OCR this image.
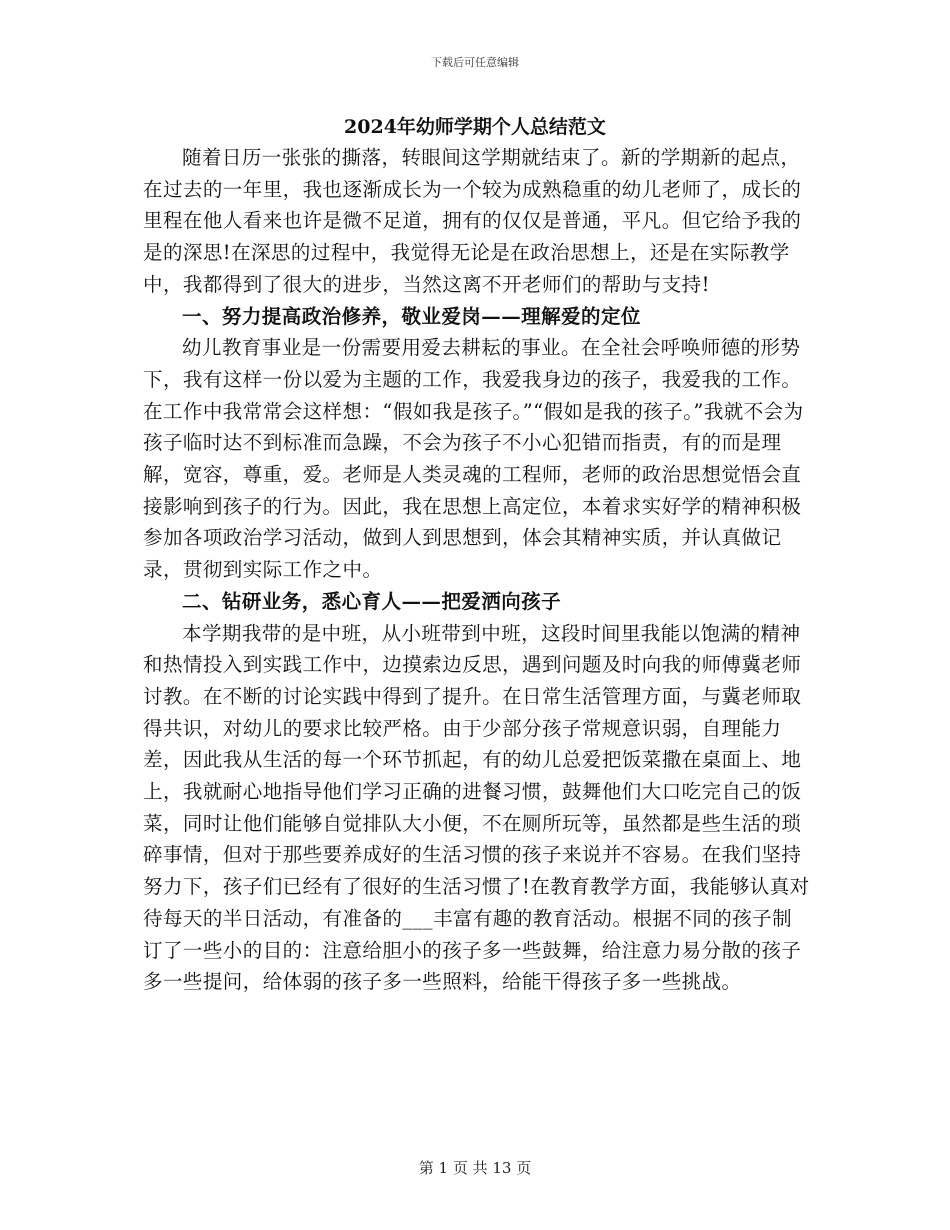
下载后可任意编辑
2024年幼师学期个人总结范文

随着日历一张张的撕落，转眼间这学期就结束了。新的学期新的起点，在过去的一年里，我也逐渐成长为一个较为成熟稳重的幼儿老师了，成长的里程在他人看来也许是微不足道，拥有的仅仅是普通，平凡。但它给予我的是的深思!在深思的过程中，我觉得无论是在政治思想上，还是在实际教学中，我都得到了很大的进步，当然这离不开老师们的帮助与支持!

一、努力提高政治修养，敬业爱岗——理解爱的定位

幼儿教育事业是一份需要用爱去耕耘的事业。在全社会呼唤师德的形势下，我有这样一份以爱为主题的工作，我爱我身边的孩子，我爱我的工作。在工作中我常常会这样想：“假如我是孩子。”“假如是我的孩子。”我就不会为孩子临时达不到标准而急躁，不会为孩子不小心犯错而指责，有的而是理解，宽容，尊重，爱。老师是人类灵魂的工程师，老师的政治思想觉悟会直接影响到孩子的行为。因此，我在思想上高定位，本着求实好学的精神积极参加各项政治学习活动，做到人到思想到，体会其精神实质，并认真做记录，贯彻到实际工作之中。

二、钻研业务，悉心育人——把爱洒向孩子

本学期我带的是中班，从小班带到中班，这段时间里我能以饱满的精神和热情投入到实践工作中，边摸索边反思，遇到问题及时向我的师傅冀老师讨教。在不断的讨论实践中得到了提升。在日常生活管理方面，与冀老师取得共识，对幼儿的要求比较严格。由于少部分孩子常规意识弱，自理能力差，因此我从生活的每一个环节抓起，有的幼儿总爱把饭菜撒在桌面上、地上，我就耐心地指导他们学习正确的进餐习惯，鼓舞他们大口吃完自己的饭菜，同时让他们能够自觉排队大小便，不在厕所玩等，虽然都是些生活的琐碎事情，但对于那些要养成好的生活习惯的孩子来说并不容易。在我们坚持努力下，孩子们已经有了很好的生活习惯了!在教育教学方面，我能够认真对待每天的半日活动，有准备的___丰富有趣的教育活动。根据不同的孩子制订了一些小的目的：注意给胆小的孩子多一些鼓舞，给注意力易分散的孩子多一些提问，给体弱的孩子多一些照料，给能干得孩子多一些挑战。

第 1 页 共 13 页
